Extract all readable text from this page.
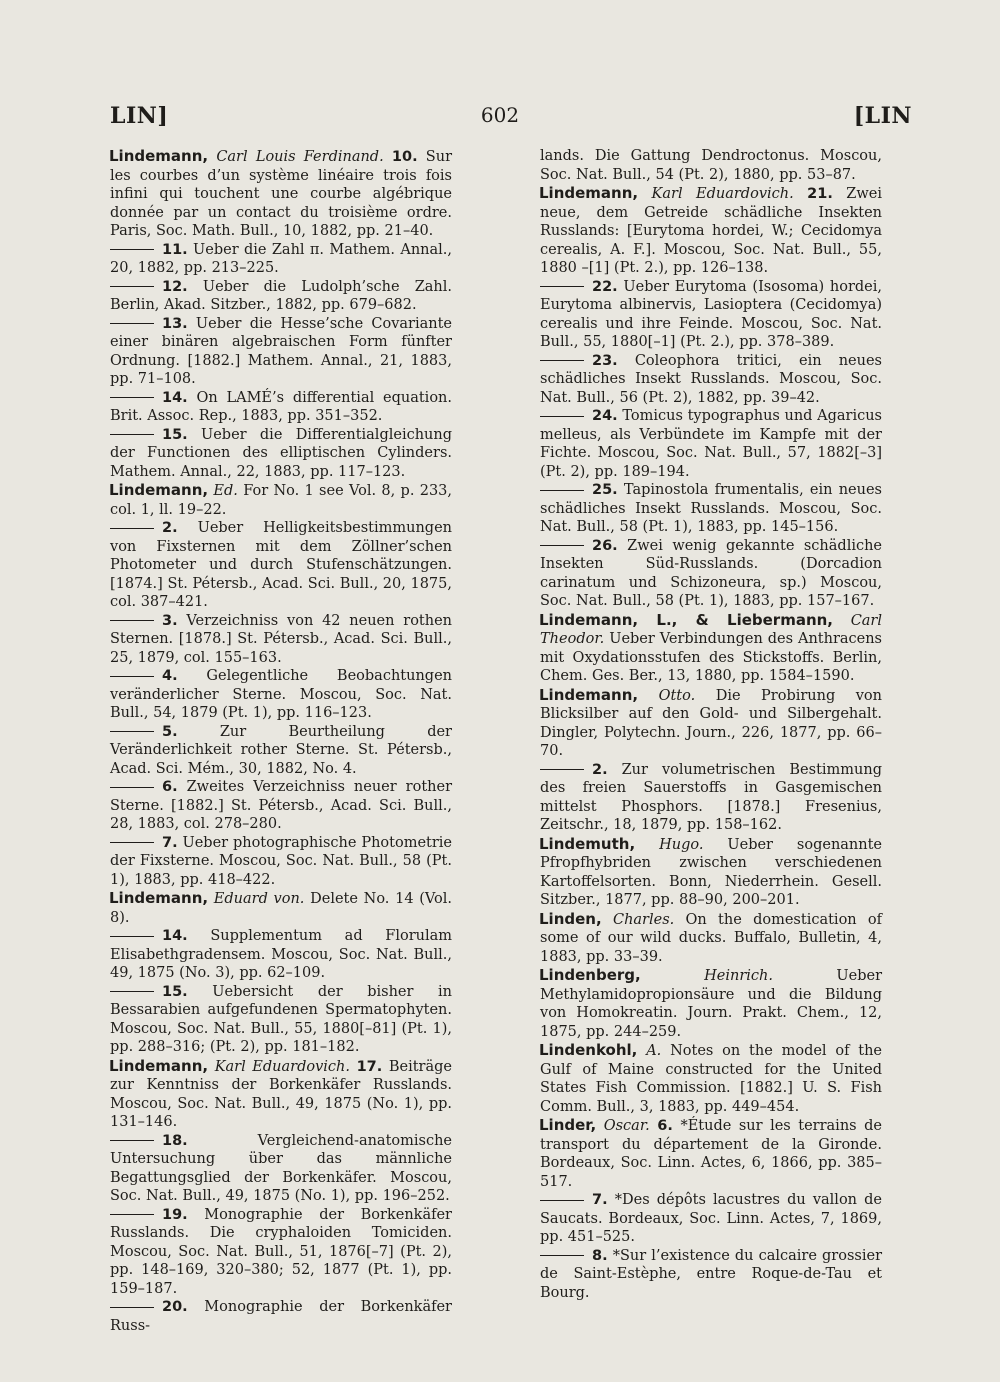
LIN]	602	[LIN

Lindemann, Carl Louis Ferdinand. 10. Sur les courbes d’un système linéaire trois fois infini qui touchent une courbe algébrique donnée par un contact du troisième ordre. Paris, Soc. Math. Bull., 10, 1882, pp. 21–40.

11. Ueber die Zahl π. Mathem. Annal., 20, 1882, pp. 213–225.

12. Ueber die Ludolph’sche Zahl. Berlin, Akad. Sitzber., 1882, pp. 679–682.

13. Ueber die Hesse’sche Covariante einer binären algebraischen Form fünfter Ordnung. [1882.] Mathem. Annal., 21, 1883, pp. 71–108.

14. On LAMÉ’s differential equation. Brit. Assoc. Rep., 1883, pp. 351–352.

15. Ueber die Differentialgleichung der Functionen des elliptischen Cylinders. Mathem. Annal., 22, 1883, pp. 117–123.

Lindemann, Ed. For No. 1 see Vol. 8, p. 233, col. 1, ll. 19–22.

2. Ueber Helligkeitsbestimmungen von Fixsternen mit dem Zöllner’schen Photometer und durch Stufenschätzungen. [1874.] St. Pétersb., Acad. Sci. Bull., 20, 1875, col. 387–421.

3. Verzeichniss von 42 neuen rothen Sternen. [1878.] St. Pétersb., Acad. Sci. Bull., 25, 1879, col. 155–163.

4. Gelegentliche Beobachtungen veränderlicher Sterne. Moscou, Soc. Nat. Bull., 54, 1879 (Pt. 1), pp. 116–123.

5.	Zur Beurtheilung der Veränderlichkeit rother Sterne. St. Pétersb., Acad. Sci. Mém., 30, 1882, No. 4.

6. Zweites Verzeichniss neuer rother Sterne. [1882.] St. Pétersb., Acad. Sci. Bull., 28, 1883, col. 278–280.

7. Ueber photographische Photometrie der Fixsterne. Moscou, Soc. Nat. Bull., 58 (Pt. 1), 1883, pp. 418–422.

Lindemann, Eduard von. Delete No. 14 (Vol. 8).

14. Supplementum ad Florulam Elisabethgradensem. Moscou, Soc. Nat. Bull., 49, 1875 (No. 3), pp. 62–109.

15. Uebersicht der bisher in Bessarabien aufgefundenen Spermatophyten. Moscou, Soc. Nat. Bull., 55, 1880[–81] (Pt. 1), pp. 288–316; (Pt. 2), pp. 181–182.

Lindemann, Karl Eduardovich. 17. Beiträge zur Kenntniss der Borkenkäfer Russlands. Moscou, Soc. Nat. Bull., 49, 1875 (No. 1), pp. 131–146.

18.	Vergleichend-anatomische Untersuchung über das männliche Begattungsglied der Borkenkäfer. Moscou, Soc. Nat. Bull., 49, 1875 (No. 1), pp. 196–252.

19. Monographie der Borkenkäfer Russlands. Die cryphaloiden Tomiciden. Moscou, Soc. Nat. Bull., 51, 1876[–7] (Pt. 2), pp. 148–169, 320–380; 52, 1877 (Pt. 1), pp. 159–187.

20. Monographie der Borkenkäfer Russ-

lands. Die Gattung Dendroctonus. Moscou, Soc. Nat. Bull., 54 (Pt. 2), 1880, pp. 53–87.

Lindemann, Karl Eduardovich. 21. Zwei neue, dem Getreide schädliche Insekten Russlands: [Eurytoma hordei, W.; Cecidomya cerealis, A. F.]. Moscou, Soc. Nat. Bull., 55, 1880 –[1] (Pt. 2.), pp. 126–138.

22. Ueber Eurytoma (Isosoma) hordei, Eurytoma albinervis, Lasioptera (Cecidomya) cerealis und ihre Feinde. Moscou, Soc. Nat. Bull., 55, 1880[–1] (Pt. 2.), pp. 378–389.

23. Coleophora tritici, ein neues schädliches Insekt Russlands. Moscou, Soc. Nat. Bull., 56 (Pt. 2), 1882, pp. 39–42.

24. Tomicus typographus und Agaricus melleus, als Verbündete im Kampfe mit der Fichte. Moscou, Soc. Nat. Bull., 57, 1882[–3] (Pt. 2), pp. 189–194.

25. Tapinostola frumentalis, ein neues schädliches Insekt Russlands. Moscou, Soc. Nat. Bull., 58 (Pt. 1), 1883, pp. 145–156.

26. Zwei wenig gekannte schädliche Insekten Süd-Russlands. (Dorcadion carinatum und Schizoneura, sp.) Moscou, Soc. Nat. Bull., 58 (Pt. 1), 1883, pp. 157–167.

Lindemann, L., & Liebermann, Carl Theodor. Ueber Verbindungen des Anthracens mit Oxydationsstufen des Stickstoffs. Berlin, Chem. Ges. Ber., 13, 1880, pp. 1584–1590.

Lindemann, Otto. Die Probirung von Blicksilber auf den Gold- und Silbergehalt. Dingler, Polytechn. Journ., 226, 1877, pp. 66–70.

2. Zur volumetrischen Bestimmung des freien Sauerstoffs in Gasgemischen mittelst Phosphors. [1878.] Fresenius, Zeitschr., 18, 1879, pp. 158–162.

Lindemuth, Hugo. Ueber sogenannte Pfropfhybriden zwischen verschiedenen Kartoffelsorten. Bonn, Niederrhein. Gesell. Sitzber., 1877, pp. 88–90, 200–201.

Linden, Charles. On the domestication of some of our wild ducks. Buffalo, Bulletin, 4, 1883, pp. 33–39.

Lindenberg,	Heinrich.	Ueber Methylamidopropionsäure und die Bildung von Homokreatin. Journ. Prakt. Chem., 12, 1875, pp. 244–259.

Lindenkohl, A. Notes on the model of the Gulf of Maine constructed for the United States Fish Commission. [1882.] U. S. Fish Comm. Bull., 3, 1883, pp. 449–454.

Linder, Oscar. 6. *Étude sur les terrains de transport du département de la Gironde. Bordeaux, Soc. Linn. Actes, 6, 1866, pp. 385–517.

7. *Des dépôts lacustres du vallon de Saucats. Bordeaux, Soc. Linn. Actes, 7, 1869, pp. 451–525.

8. *Sur l’existence du calcaire grossier de Saint-Estèphe, entre Roque-de-Tau et Bourg.
